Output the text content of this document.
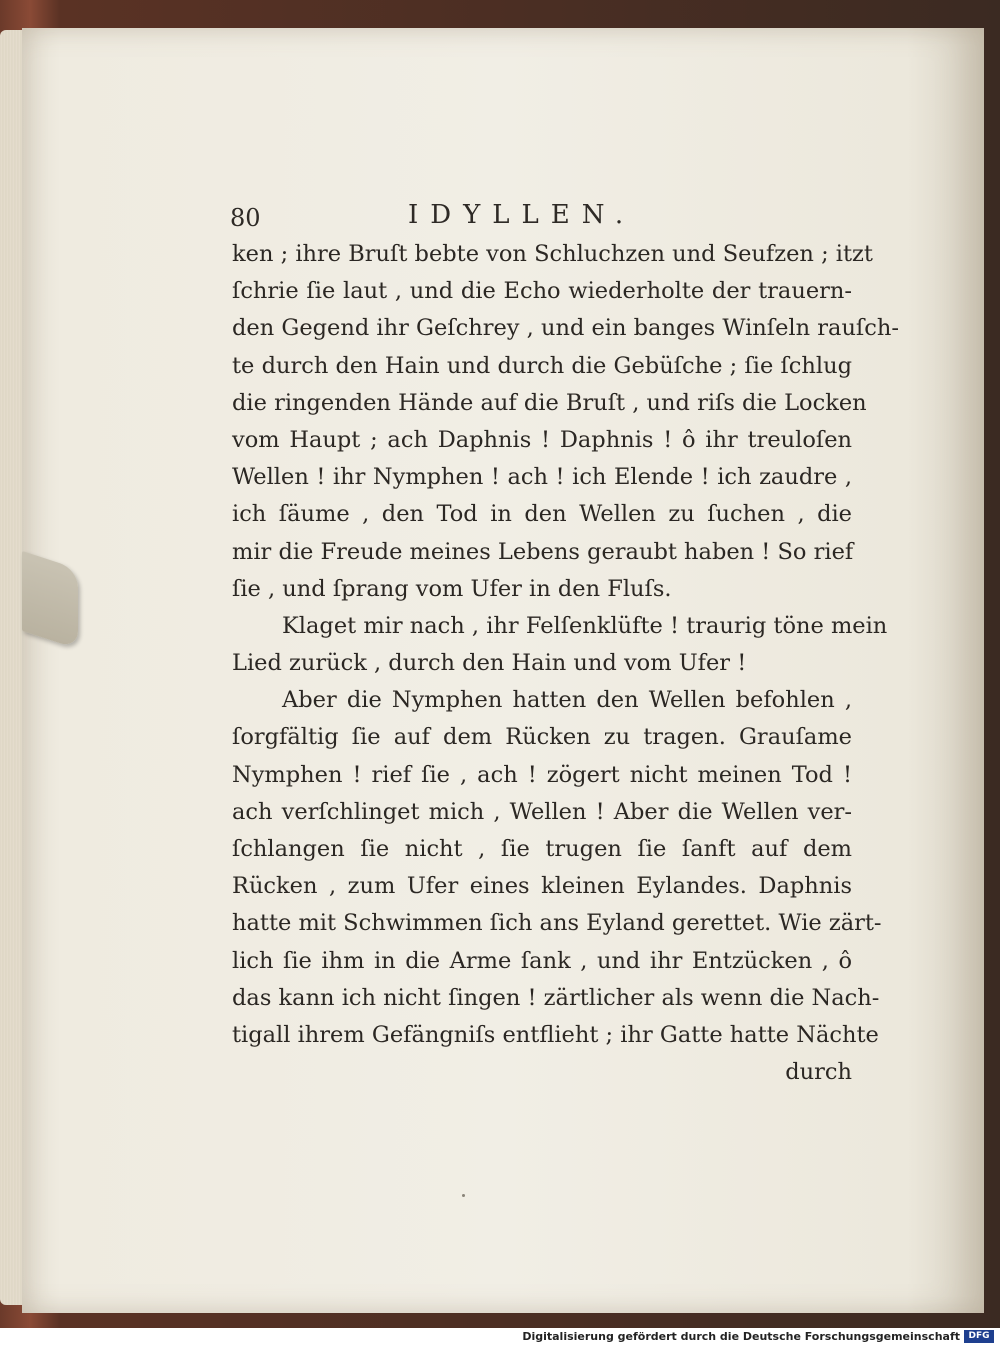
80	IDYLLEN.
ken ; ihre Bruſt bebte von Schluchzen und Seufzen ; itzt
ſchrie ſie laut , und die Echo wiederholte der trauern-
den Gegend ihr Geſchrey , und ein banges Winſeln rauſch-
te durch den Hain und durch die Gebüſche ; ſie ſchlug
die ringenden Hände auf die Bruſt , und riſs die Locken
vom Haupt ; ach Daphnis ! Daphnis ! ô ihr treuloſen
Wellen ! ihr Nymphen ! ach ! ich Elende ! ich zaudre ,
ich ſäume , den Tod in den Wellen zu ſuchen , die
mir die Freude meines Lebens geraubt haben ! So rief
ſie , und ſprang vom Ufer in den Fluſs.
Klaget mir nach , ihr Felſenklüfte ! traurig töne mein
Lied zurück , durch den Hain und vom Ufer !
Aber die Nymphen hatten den Wellen befohlen ,
ſorgfältig ſie auf dem Rücken zu tragen. Grauſame
Nymphen ! rief ſie , ach ! zögert nicht meinen Tod !
ach verſchlinget mich , Wellen ! Aber die Wellen ver-
ſchlangen ſie nicht , ſie trugen ſie ſanft auf dem
Rücken , zum Ufer eines kleinen Eylandes. Daphnis
hatte mit Schwimmen ſich ans Eyland gerettet. Wie zärt-
lich ſie ihm in die Arme ſank , und ihr Entzücken , ô
das kann ich nicht ſingen ! zärtlicher als wenn die Nach-
tigall ihrem Gefängniſs entflieht ; ihr Gatte hatte Nächte
durch
Digitalisierung gefördert durch die Deutsche Forschungsgemeinschaft DFG
